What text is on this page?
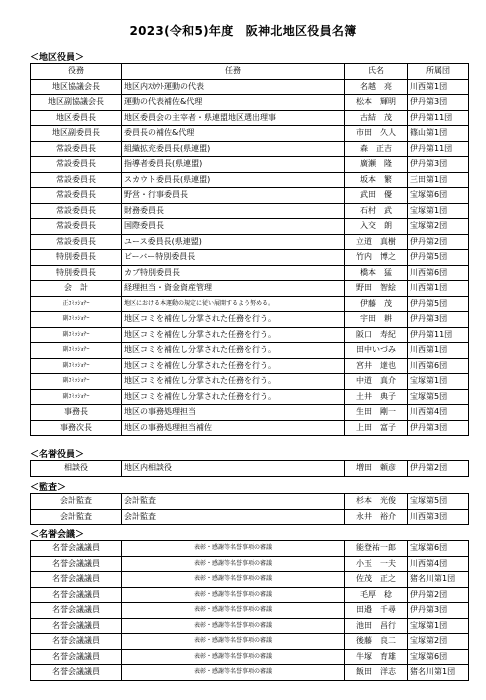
2023(令和5)年度　阪神北地区役員名簿
＜地区役員＞
役務	任務	氏名	所属団
地区協議会長	地区内ｽｶｳﾄ運動の代表	名越　亮	川西第1団
地区副協議会長	運動の代表補佐&代理	松本　輝明	伊丹第3団
地区委員長	地区委員会の主宰者・県連盟地区選出理事	古結　茂	伊丹第11団
地区副委員長	委員長の補佐&代理	市田　久人	篠山第1団
常設委員長	組織拡充委員長(県連盟)	森　正吉	伊丹第11団
常設委員長	指導者委員長(県連盟)	廣瀬　隆	伊丹第3団
常設委員長	スカウト委員長(県連盟)	坂本　繁	三田第1団
常設委員長	野営・行事委員長	武田　優	宝塚第6団
常設委員長	財務委員長	石村　武	宝塚第1団
常設委員長	国際委員長	入交　朗	宝塚第2団
常設委員長	ユース委員長(県連盟)	立道　真樹	伊丹第2団
特別委員長	ビーバー特別委員長	竹内　博之	伊丹第5団
特別委員長	カブ特別委員長	橋本　猛	川西第6団
会　計	経理担当・資金資産管理	野田　智絵	川西第1団
正ｺﾐｯｼｮﾅｰ	地区における本運動の規定に従い展開するよう努める。	伊藤　茂	伊丹第5団
副ｺﾐｯｼｮﾅｰ	地区コミを補佐し分掌された任務を行う。	宇田　耕	伊丹第3団
副ｺﾐｯｼｮﾅｰ	地区コミを補佐し分掌された任務を行う。	阪口　寿紀	伊丹第11団
副ｺﾐｯｼｮﾅｰ	地区コミを補佐し分掌された任務を行う。	田中いづみ	川西第1団
副ｺﾐｯｼｮﾅｰ	地区コミを補佐し分掌された任務を行う。	宮井　達也	川西第6団
副ｺﾐｯｼｮﾅｰ	地区コミを補佐し分掌された任務を行う。	中道　真介	宝塚第1団
副ｺﾐｯｼｮﾅｰ	地区コミを補佐し分掌された任務を行う。	土井　典子	宝塚第5団
事務長	地区の事務処理担当	生田　剛一	川西第4団
事務次長	地区の事務処理担当補佐	上田　富子	伊丹第3団
＜名誉役員＞
相談役	地区内相談役	増田　頼彦	伊丹第2団
＜監査＞
会計監査	会計監査	杉本　光俊	宝塚第5団
会計監査	会計監査	永井　裕介	川西第3団
＜名誉会議＞
名誉会議議員	表彰・感謝等名誉事項の審議	能登祐一郎	宝塚第6団
名誉会議議員	表彰・感謝等名誉事項の審議	小玉　一夫	川西第4団
名誉会議議員	表彰・感謝等名誉事項の審議	佐茂　正之	猪名川第1団
名誉会議議員	表彰・感謝等名誉事項の審議	毛厚　稔	伊丹第2団
名誉会議議員	表彰・感謝等名誉事項の審議	田邉　千尋	伊丹第3団
名誉会議議員	表彰・感謝等名誉事項の審議	池田　昌行	宝塚第1団
名誉会議議員	表彰・感謝等名誉事項の審議	後藤　良二	宝塚第2団
名誉会議議員	表彰・感謝等名誉事項の審議	牛塚　育雄	宝塚第6団
名誉会議議員	表彰・感謝等名誉事項の審議	飯田　洋志	猪名川第1団
